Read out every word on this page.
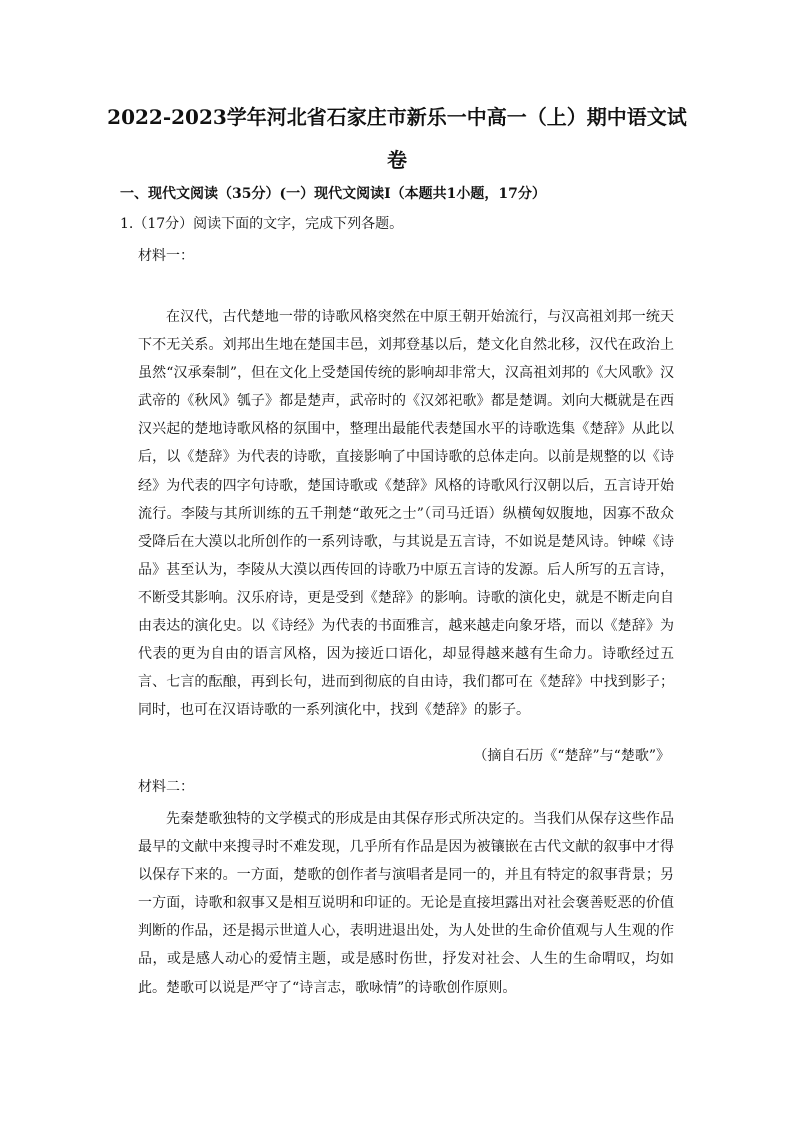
2022-2023学年河北省石家庄市新乐一中高一（上）期中语文试
卷
一、现代文阅读（35分）(一）现代文阅读Ⅰ（本题共1小题，17分）
1.（17分）阅读下面的文字，完成下列各题。
材料一：

在汉代，古代楚地一带的诗歌风格突然在中原王朝开始流行，与汉高祖刘邦一统天下不无关系。刘邦出生地在楚国丰邑，刘邦登基以后，楚文化自然北移，汉代在政治上虽然“汉承秦制”，但在文化上受楚国传统的影响却非常大，汉高祖刘邦的《大风歌》汉武帝的《秋风》瓠子》都是楚声，武帝时的《汉郊祀歌》都是楚调。刘向大概就是在西汉兴起的楚地诗歌风格的氛围中，整理出最能代表楚国水平的诗歌选集《楚辞》从此以后，以《楚辞》为代表的诗歌，直接影响了中国诗歌的总体走向。以前是规整的以《诗经》为代表的四字句诗歌，楚国诗歌或《楚辞》风格的诗歌风行汉朝以后，五言诗开始流行。李陵与其所训练的五千荆楚“敢死之士”（司马迁语）纵横匈奴腹地，因寡不敌众受降后在大漠以北所创作的一系列诗歌，与其说是五言诗，不如说是楚风诗。钟嵘《诗品》甚至认为，李陵从大漠以西传回的诗歌乃中原五言诗的发源。后人所写的五言诗，不断受其影响。汉乐府诗，更是受到《楚辞》的影响。诗歌的演化史，就是不断走向自由表达的演化史。以《诗经》为代表的书面雅言，越来越走向象牙塔，而以《楚辞》为代表的更为自由的语言风格，因为接近口语化，却显得越来越有生命力。诗歌经过五言、七言的酝酿，再到长句，进而到彻底的自由诗，我们都可在《楚辞》中找到影子；同时，也可在汉语诗歌的一系列演化中，找到《楚辞》的影子。

（摘自石历《“楚辞”与“楚歌”》
材料二：

先秦楚歌独特的文学模式的形成是由其保存形式所决定的。当我们从保存这些作品最早的文献中来搜寻时不难发现，几乎所有作品是因为被镶嵌在古代文献的叙事中才得以保存下来的。一方面，楚歌的创作者与演唱者是同一的，并且有特定的叙事背景；另一方面，诗歌和叙事又是相互说明和印证的。无论是直接坦露出对社会褒善贬恶的价值判断的作品，还是揭示世道人心，表明进退出处，为人处世的生命价值观与人生观的作品，或是感人动心的爱情主题，或是感时伤世，抒发对社会、人生的生命喟叹，均如此。楚歌可以说是严守了“诗言志，歌咏情”的诗歌创作原则。
